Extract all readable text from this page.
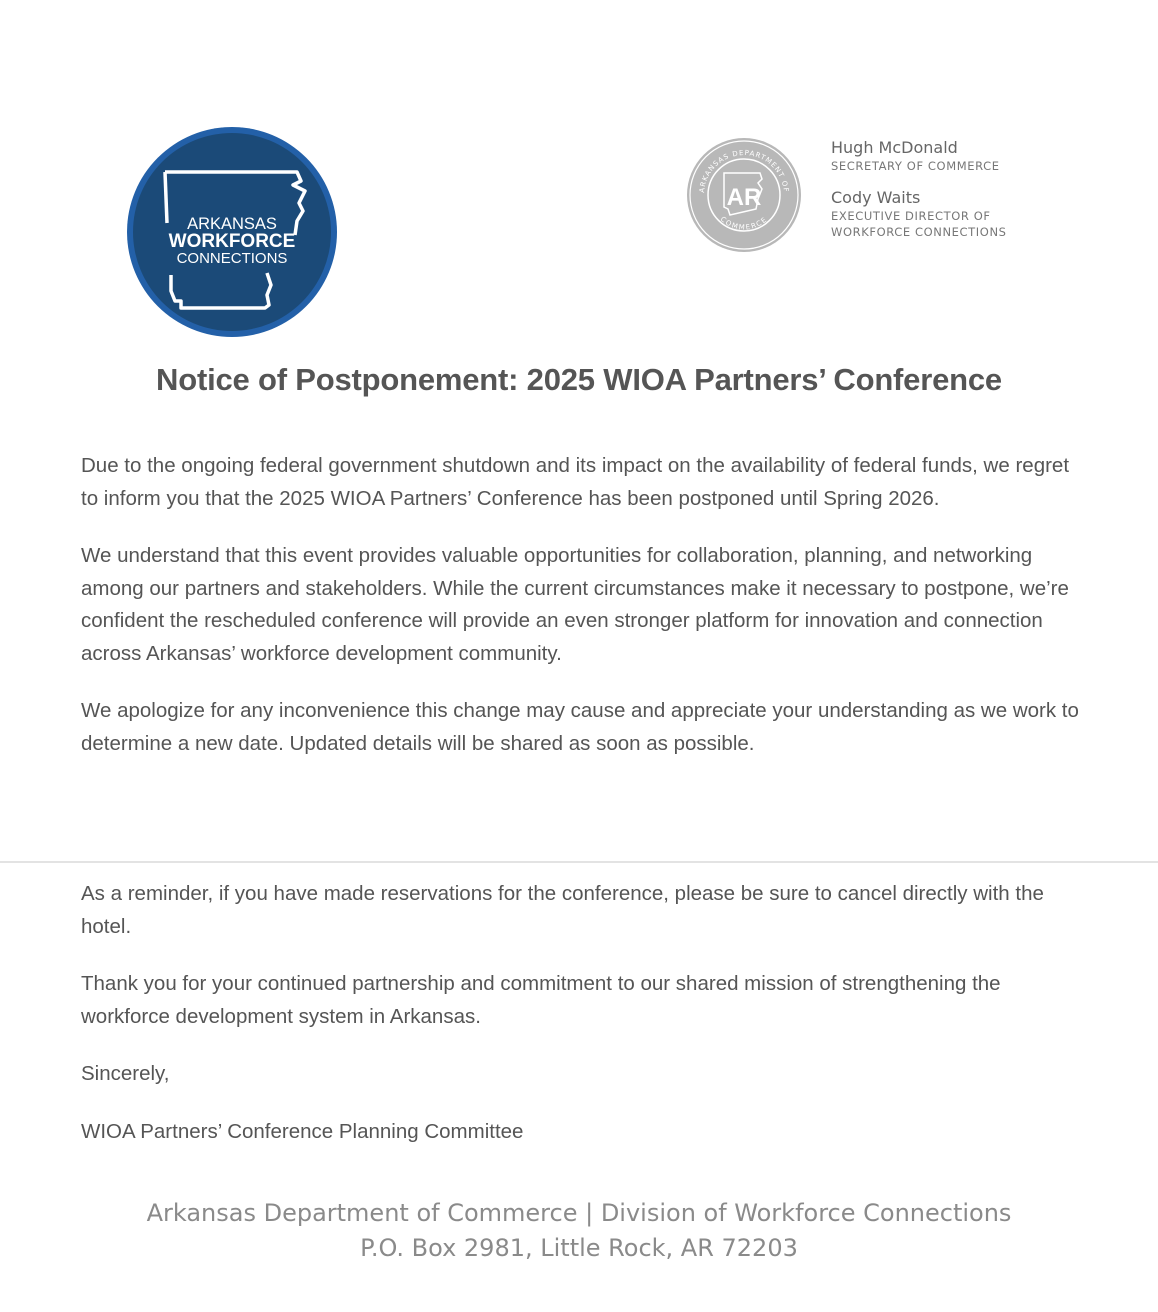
ARKANSAS
WORKFORCE
CONNECTIONS
ARKANSAS DEPARTMENT OF
COMMERCE
AR
Hugh McDonald
SECRETARY OF COMMERCE
Cody Waits
EXECUTIVE DIRECTOR OF
WORKFORCE CONNECTIONS
Notice of Postponement: 2025 WIOA Partners’ Conference

Due to the ongoing federal government shutdown and its impact on the availability of federal funds, we regret to inform you that the 2025 WIOA Partners’ Conference has been postponed until Spring 2026.

We understand that this event provides valuable opportunities for collaboration, planning, and networking among our partners and stakeholders. While the current circumstances make it necessary to postpone, we’re confident the rescheduled conference will provide an even stronger platform for innovation and connection across Arkansas’ workforce development community.

We apologize for any inconvenience this change may cause and appreciate your understanding as we work to determine a new date. Updated details will be shared as soon as possible.

As a reminder, if you have made reservations for the conference, please be sure to cancel directly with the hotel.

Thank you for your continued partnership and commitment to our shared mission of strengthening the workforce development system in Arkansas.

Sincerely,

WIOA Partners’ Conference Planning Committee

Arkansas Department of Commerce | Division of Workforce Connections
P.O. Box 2981, Little Rock, AR 72203
